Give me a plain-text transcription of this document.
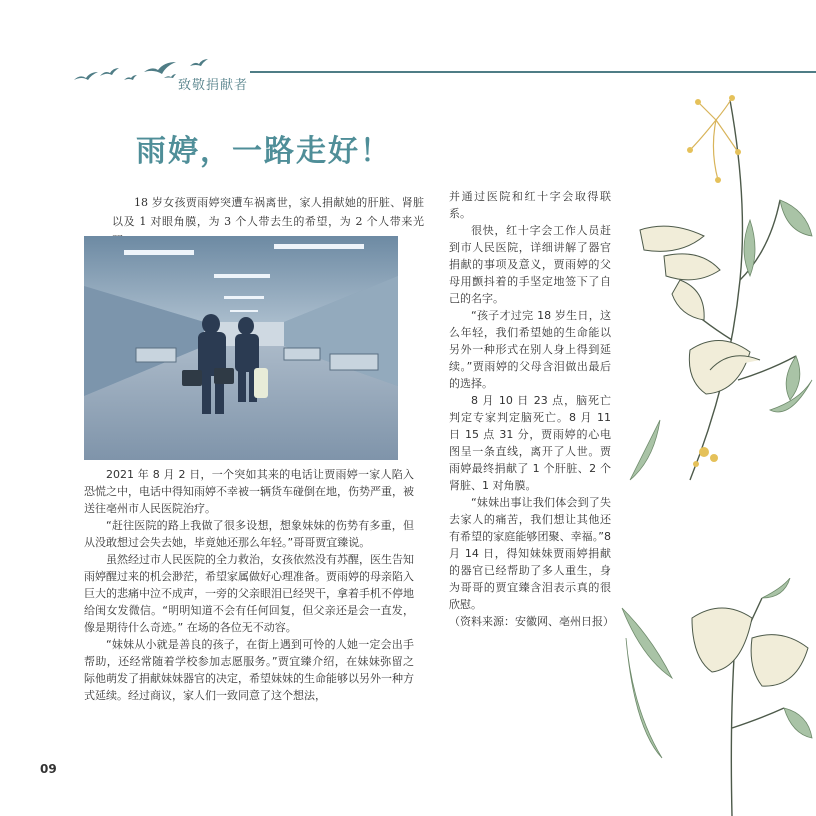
致敬捐献者
雨婷，一路走好！
18 岁女孩贾雨婷突遭车祸离世，家人捐献她的肝脏、肾脏以及 1 对眼角膜，为 3 个人带去生的希望，为 2 个人带来光

2021 年 8 月 2 日，一个突如其来的电话让贾雨婷一家人陷入恐慌之中，电话中得知雨婷不幸被一辆货车碰倒在地，伤势严重，被送往亳州市人民医院治疗。

“赶往医院的路上我做了很多设想，想象妹妹的伤势有多重，但从没敢想过会失去她，毕竟她还那么年轻。”哥哥贾宜臻说。

虽然经过市人民医院的全力救治，女孩依然没有苏醒，医生告知雨婷醒过来的机会渺茫，希望家属做好心理准备。贾雨婷的母亲陷入巨大的悲痛中泣不成声，一旁的父亲眼泪已经哭干，拿着手机不停地给闺女发微信。“明明知道不会有任何回复，但父亲还是会一直发，像是期待什么奇迹。” 在场的各位无不动容。

“妹妹从小就是善良的孩子，在街上遇到可怜的人她一定会出手帮助，还经常随着学校参加志愿服务。”贾宜臻介绍，在妹妹弥留之际他萌发了捐献妹妹器官的决定，希望妹妹的生命能够以另外一种方式延续。经过商议，家人们一致同意了这个想法，

并通过医院和红十字会取得联系。

很快，红十字会工作人员赶到市人民医院，详细讲解了器官捐献的事项及意义，贾雨婷的父母用颤抖着的手坚定地签下了自己的名字。

“孩子才过完 18 岁生日，这么年轻，我们希望她的生命能以另外一种形式在别人身上得到延续。”贾雨婷的父母含泪做出最后的选择。

8 月 10 日 23 点，脑死亡判定专家判定脑死亡。8 月 11 日 15 点 31 分，贾雨婷的心电图呈一条直线，离开了人世。贾雨婷最终捐献了 1 个肝脏、2 个肾脏、1 对角膜。

“妹妹出事让我们体会到了失去家人的痛苦，我们想让其他还有希望的家庭能够团聚、幸福。”8 月 14 日，得知妹妹贾雨婷捐献的器官已经帮助了多人重生，身为哥哥的贾宜臻含泪表示真的很欣慰。

（资料来源：安徽网、亳州日报）

09
